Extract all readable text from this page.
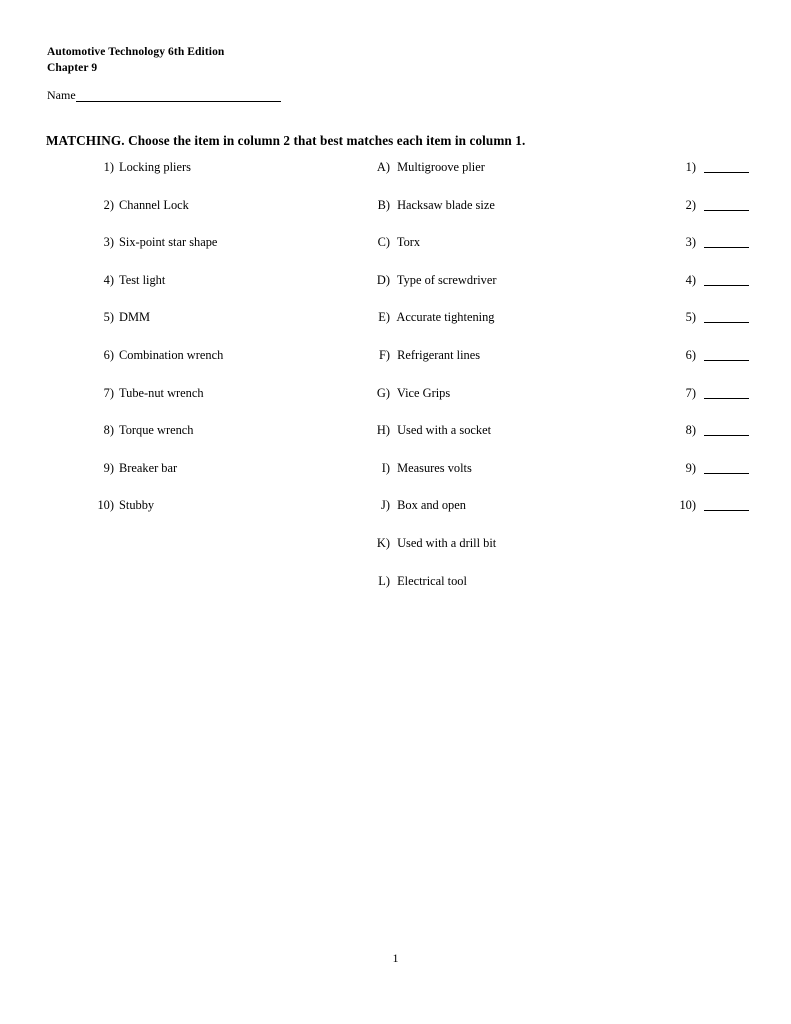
Automotive Technology 6th Edition
Chapter 9
Name
MATCHING. Choose the item in column 2 that best matches each item in column 1.
1) Locking pliers
2) Channel Lock
3) Six-point star shape
4) Test light
5) DMM
6) Combination wrench
7) Tube-nut wrench
8) Torque wrench
9) Breaker bar
10) Stubby
A) Multigroove plier
B) Hacksaw blade size
C) Torx
D) Type of screwdriver
E) Accurate tightening
F) Refrigerant lines
G) Vice Grips
H) Used with a socket
I) Measures volts
J) Box and open
K) Used with a drill bit
L) Electrical tool
1)
2)
3)
4)
5)
6)
7)
8)
9)
10)
1
